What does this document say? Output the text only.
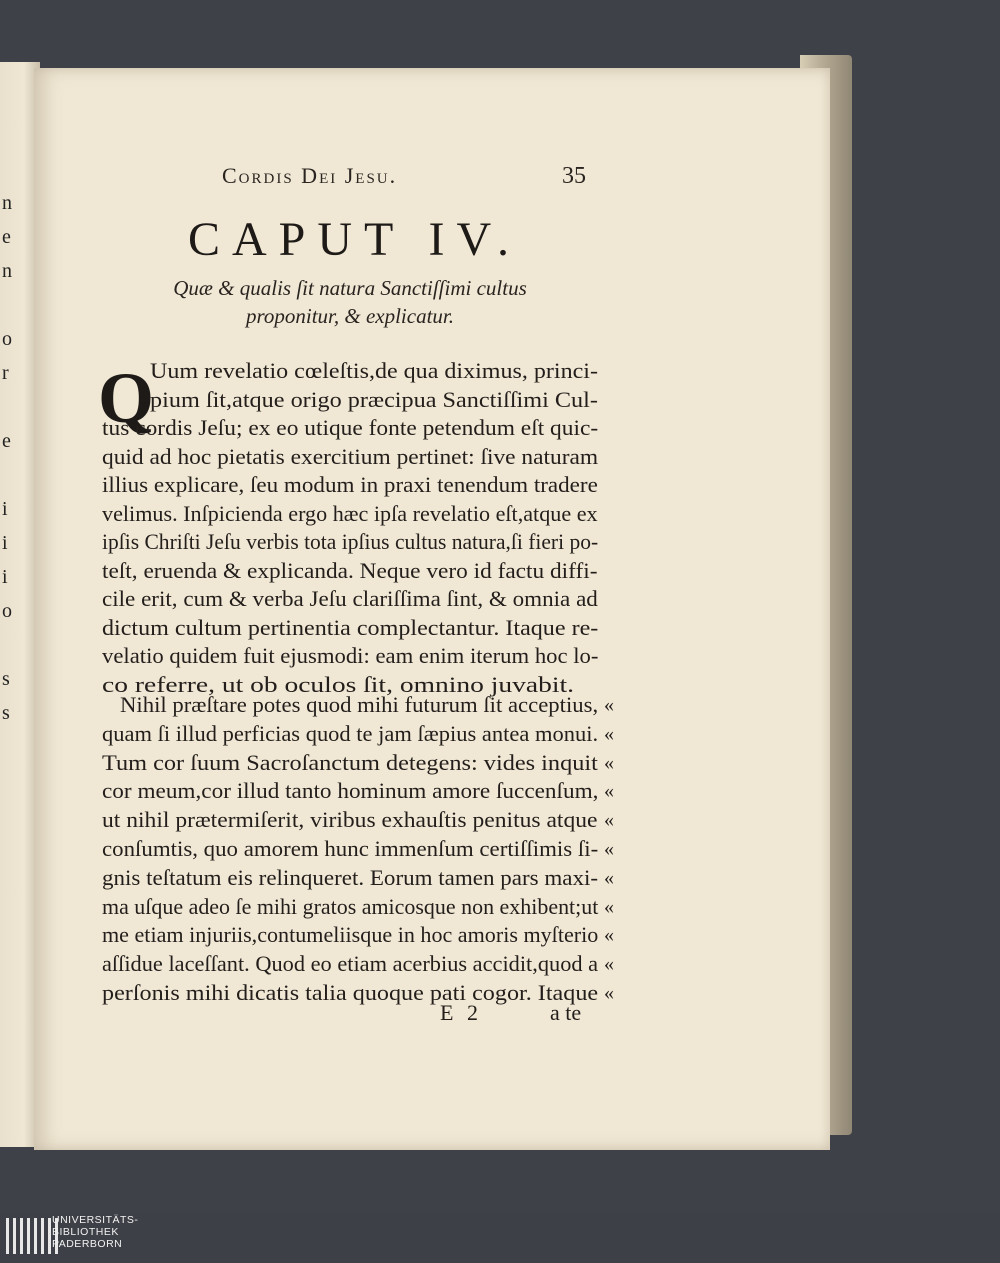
n
e
n
o
r
e
i
i
i
o
s
s
Cordis Dei Jesu.	35
CAPUT IV.
Quæ & qualis ſit natura Sanctiſſimi cultus
proponitur, & explicatur.
Q
Uum revelatio cœleſtis,de qua diximus, princi-
pium ſit,atque origo præcipua Sanctiſſimi Cul-
tus cordis Jeſu; ex eo utique fonte petendum eſt quic-
quid ad hoc pietatis exercitium pertinet: ſive naturam
illius explicare, ſeu modum in praxi tenendum tradere
velimus. Inſpicienda ergo hæc ipſa revelatio eſt,atque ex
ipſis Chriſti Jeſu verbis tota ipſius cultus natura,ſi fieri po-
teſt, eruenda & explicanda. Neque vero id factu diffi-
cile erit, cum & verba Jeſu clariſſima ſint, & omnia ad
dictum cultum pertinentia complectantur. Itaque re-
velatio quidem fuit ejusmodi: eam enim iterum hoc lo-
co referre, ut ob oculos ſit, omnino juvabit.
Nihil præſtare potes quod mihi futurum ſit acceptius,
quam ſi illud perficias quod te jam ſæpius antea monui.
Tum cor ſuum Sacroſanctum detegens: vides inquit
cor meum,cor illud tanto hominum amore ſuccenſum,
ut nihil prætermiſerit, viribus exhauſtis penitus atque
conſumtis, quo amorem hunc immenſum certiſſimis ſi-
gnis teſtatum eis relinqueret. Eorum tamen pars maxi-
ma uſque adeo ſe mihi gratos amicosque non exhibent;ut
me etiam injuriis,contumeliisque in hoc amoris myſterio
aſſidue laceſſant. Quod eo etiam acerbius accidit,quod a
perſonis mihi dicatis talia quoque pati cogor. Itaque
«
«
«
«
«
«
«
«
«
«
«
E 2	a te
UNIVERSITÄTS-
BIBLIOTHEK
PADERBORN
